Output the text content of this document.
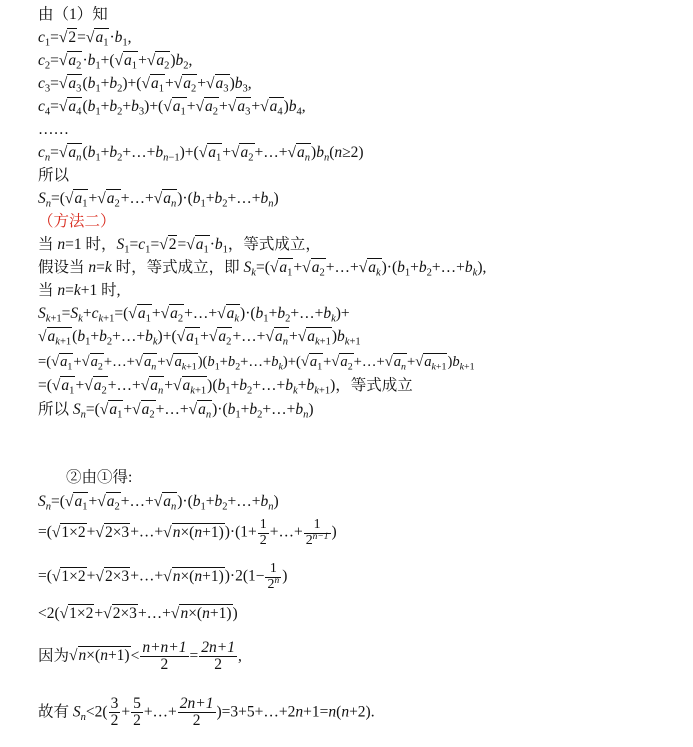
由（1）知
$c_1=√$ 2=√ $a_1\cdot b_1$,
$c_2=√$ $a_2\cdot b_1+(√$ $a_1+√$ $a_2)b_2$,
$c_3=√$ $a_3(b_1+b_2)+(√$ $a_1+√$ $a_2+√$ $a_3)b_3$,
$c_4=√$ $a_4(b_1+b_2+b_3)+(√$ $a_1+√$ $a_2+√$ $a_3+√$ $a_4)b_4$,
……
$c_n=√$ $a_n(b_1+b_2+\dots+b_{n-1})+(√$ $a_1+√$ $a_2+\dots+√$ $a_n)b_n(n\ge 2)$
所以
$S_n=(√$ $a_1+√$ $a_2+\dots+√$ $a_n)\cdot(b_1+b_2+\dots+b_n)$
（方法二）
当 n=1 时，$S_1=c_1=√$ 2=√ $a_1\cdot b_1$，等式成立，
假设当 n=k 时，等式成立，即 $S_k=(√$ $a_1+√$ $a_2+\dots+√$ $a_k)\cdot(b_1+b_2+\dots+b_k)$,
当 n=k+1 时,
$S_{k+1}=S_k+c_{k+1}=(√$ $a_1+√$ $a_2+\dots+√$ $a_k)\cdot(b_1+b_2+\dots+b_k)+$
√ $a_{k+1}(b_1+b_2+\dots+b_k)+(√$ $a_1+√$ $a_2+\dots+√$ $a_n+√$ $a_{k+1})b_{k+1}$
=(√ $a_1+√$ $a_2+\dots+√$ $a_n+√$ $a_{k+1})(b_1+b_2+\dots+b_k)+(√$ $a_1+√$ $a_2+\dots+√$ $a_n+√$ $a_{k+1})b_{k+1}$
=(√ $a_1+√$ $a_2+\dots+√$ $a_n+√$ $a_{k+1})(b_1+b_2+\dots+b_k+b_{k+1})$，等式成立
所以 $S_n=(√$ $a_1+√$ $a_2+\dots+√$ $a_n)\cdot(b_1+b_2+\dots+b_n)$
②由①得:
$S_n=(√$ $a_1+√$ $a_2+\dots+√$ $a_n)\cdot(b_1+b_2+\dots+b_n)$
=(√ 1×2+√ 2×3+…+√ $n\times(n+1))\cdot(1+ \frac{1}{2}$ +…+ $\frac{1}{2^{n-1}}$ )
=(√ 1×2+√ 2×3+…+√ $n\times(n+1))\cdot 2(1- \frac{1}{2^n}$ )
<2(√ 1×2+√ 2×3+…+√ n×(n+1))
因为√ $n\times(n+1)< \frac{n+n+1}{2} = \frac{2n+1}{2}$ ,
故有 $S_n<2( \frac{3}{2} + \frac{5}{2}$ +…+ $\frac{2n+1}{2}$ )=3+5+…+2n+1=n(n+2).
